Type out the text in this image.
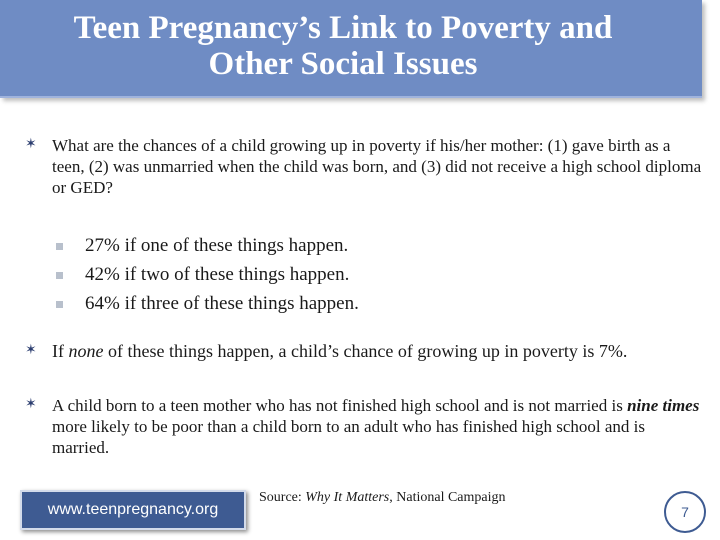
Teen Pregnancy’s Link to Poverty and
Other Social Issues
✶ What are the chances of a child growing up in poverty if his/her mother: (1) gave birth as a teen, (2) was unmarried when the child was born, and (3) did not receive a high school diploma or GED?
27% if one of these things happen.
42% if two of these things happen.
64% if three of these things happen.
✶ If none of these things happen, a child’s chance of growing up in poverty is 7%.
✶ A child born to a teen mother who has not finished high school and is not married is nine times more likely to be poor than a child born to an adult who has finished high school and is married.
www.teenpregnancy.org
Source: Why It Matters, National Campaign
7
